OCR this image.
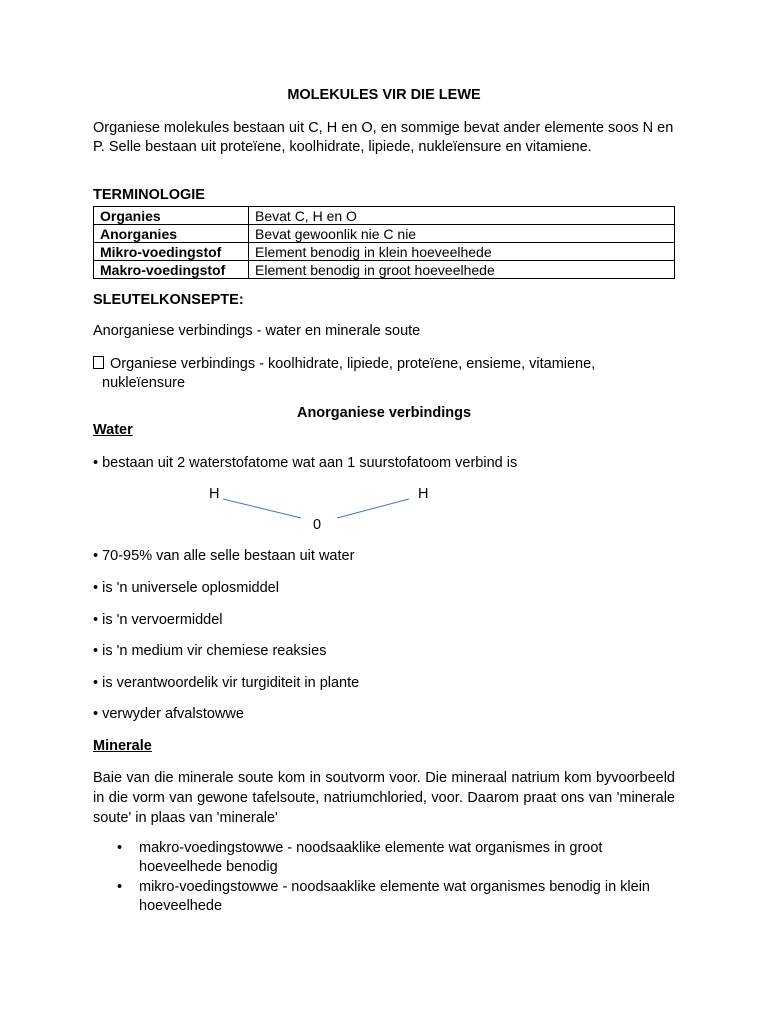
MOLEKULES VIR DIE LEWE
Organiese molekules bestaan uit C, H en O, en sommige bevat ander elemente soos N en P. Selle bestaan uit proteïene, koolhidrate, lipiede, nukleïensure en vitamiene.
TERMINOLOGIE
Organies	Bevat C, H en O
Anorganies	Bevat gewoonlik nie C nie
Mikro-voedingstof	Element benodig in klein hoeveelhede
Makro-voedingstof	Element benodig in groot hoeveelhede
SLEUTELKONSEPTE:
Anorganiese verbindings - water en minerale soute
Organiese verbindings - koolhidrate, lipiede, proteïene, ensieme, vitamiene,
nukleïensure
Anorganiese verbindings
Water
• bestaan uit 2 waterstofatome wat aan 1 suurstofatoom verbind is
H	H
0
• 70-95% van alle selle bestaan uit water
• is 'n universele oplosmiddel
• is 'n vervoermiddel
• is 'n medium vir chemiese reaksies
• is verantwoordelik vir turgiditeit in plante
• verwyder afvalstowwe
Minerale
Baie van die minerale soute kom in soutvorm voor. Die mineraal natrium kom byvoorbeeld in die vorm van gewone tafelsoute, natriumchloried, voor. Daarom praat ons van 'minerale soute' in plaas van 'minerale'
• makro-voedingstowwe - noodsaaklike elemente wat organismes in groot hoeveelhede benodig
• mikro-voedingstowwe - noodsaaklike elemente wat organismes benodig in klein hoeveelhede
